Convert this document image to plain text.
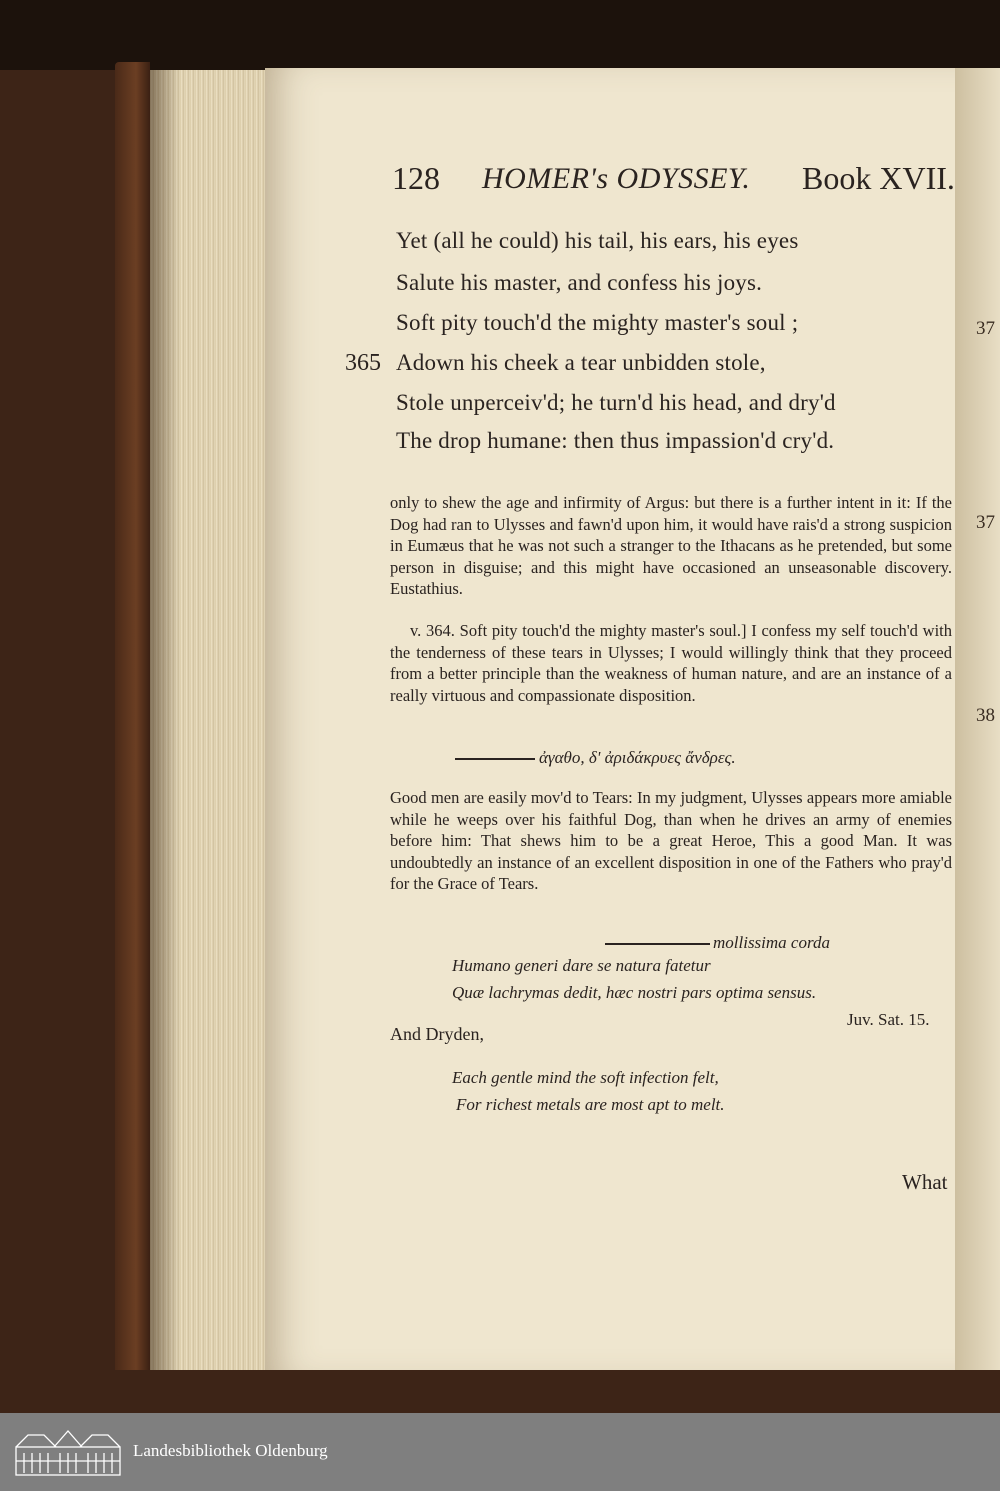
128 HOMER's ODYSSEY. Book XVII.
Yet (all he could) his tail, his ears, his eyes
Salute his master, and confess his joys.
Soft pity touch'd the mighty master's soul ;
365 Adown his cheek a tear unbidden stole,
Stole unperceiv'd; he turn'd his head, and dry'd
The drop humane: then thus impassion'd cry'd.
only to shew the age and infirmity of Argus: but there is a further intent in it: If the Dog had ran to Ulysses and fawn'd upon him, it would have rais'd a strong suspicion in Eumæus that he was not such a stranger to the Ithacans as he pretended, but some person in disguise; and this might have occasioned an unseasonable discovery. Eustathius.
v. 364. Soft pity touch'd the mighty master's soul.] I confess my self touch'd with the tenderness of these tears in Ulysses; I would willingly think that they proceed from a better principle than the weakness of human nature, and are an instance of a really virtuous and compassionate disposition.
ἀγαθο, δ' ἀριδάκρυες ἄνδρες.
Good men are easily mov'd to Tears: In my judgment, Ulysses appears more amiable while he weeps over his faithful Dog, than when he drives an army of enemies before him: That shews him to be a great Heroe, This a good Man. It was undoubtedly an instance of an excellent disposition in one of the Fathers who pray'd for the Grace of Tears.
mollissima corda
Humano generi dare se natura fatetur
Quæ lachrymas dedit, hæc nostri pars optima sensus.
Juv. Sat. 15.
And Dryden,
Each gentle mind the soft infection felt,
For richest metals are most apt to melt.
What
37
37
38
Landesbibliothek Oldenburg
